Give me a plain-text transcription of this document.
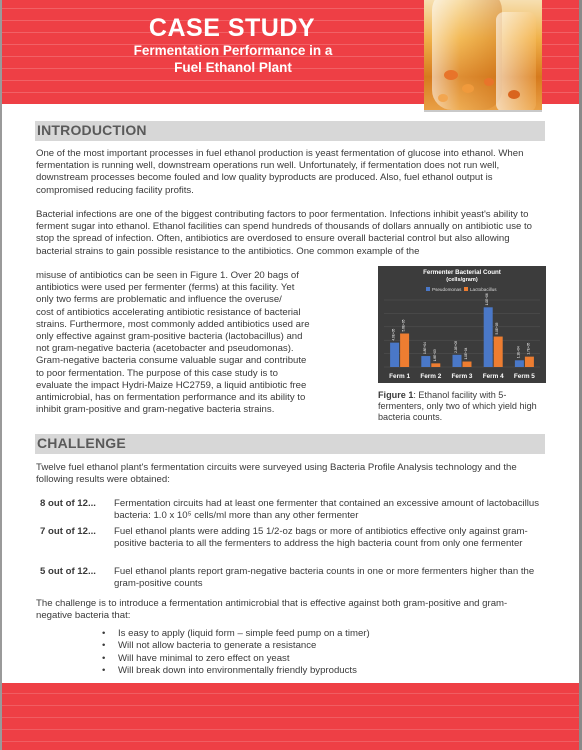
CASE STUDY
Fermentation Performance in a
Fuel Ethanol Plant
INTRODUCTION
One of the most important processes in fuel ethanol production is yeast fermentation of glucose into ethanol. When fermentation is running well, downstream operations run well. Unfortunately, if fermentation does not run well, downstream processes become fouled and low quality byproducts are produced. Also, fuel ethanol output is compromised reducing facility profits.
Bacterial infections are one of the biggest contributing factors to poor fermentation. Infections inhibit yeast's ability to ferment sugar into ethanol. Ethanol facilities can spend hundreds of thousands of dollars annually on antibiotic use to stop the spread of infection. Often, antibiotics are overdosed to ensure overall bacterial control but also allowing bacterial strains to gain possible resistance to the antibiotics. One common example of the
misuse of antibiotics can be seen in Figure 1. Over 20 bags of
antibiotics were used per fermenter (ferms) at this facility. Yet
only two ferms are problematic and influence the overuse/
cost of antibiotics accelerating antibiotic resistance of bacterial
strains. Furthermore, most commonly added antibiotics used are
only effective against gram-positive bacteria (lactobacillus) and
not gram-negative bacteria (acetobacter and pseudomonas).
Gram-negative bacteria consume valuable sugar and contribute
to poor fermentation. The purpose of this case study is to
evaluate the impact Hydri-Maize HC2759, a liquid antibiotic free
antimicrobial, has on fermentation performance and its ability to
inhibit gram-positive and gram-negative bacteria strains.
Fermenter Bacterial Count
(cells/gram)
Pseudomonas Lactobacillus
4.0E+05
5.8E+05
Ferm 1
1.8E+04
1.8E+03
Ferm 2
2.0E+05
1.0E+04
Ferm 3
1.0E+06
5.0E+05
Ferm 4
1.1E+04 1.7E+05
Ferm 5
Figure 1: Ethanol facility with 5-fermenters, only two of which yield high bacteria counts.
CHALLENGE
Twelve fuel ethanol plant's fermentation circuits were surveyed using Bacteria Profile Analysis technology and the following results were obtained:
8 out of 12...	Fermentation circuits had at least one fermenter that contained an excessive amount of lactobacillus bacteria: 1.0 x 10⁵ cells/ml more than any other fermenter
7 out of 12...	Fuel ethanol plants were adding 15 1/2-oz bags or more of antibiotics effective only against gram-positive bacteria to all the fermenters to address the high bacteria count from only one fermenter
5 out of 12...	Fuel ethanol plants report gram-negative bacteria counts in one or more fermenters higher than the gram-positive counts
The challenge is to introduce a fermentation antimicrobial that is effective against both gram-positive and gram-negative bacteria that:
• Is easy to apply (liquid form – simple feed pump on a timer)
• Will not allow bacteria to generate a resistance
• Will have minimal to zero effect on yeast
• Will break down into environmentally friendly byproducts
